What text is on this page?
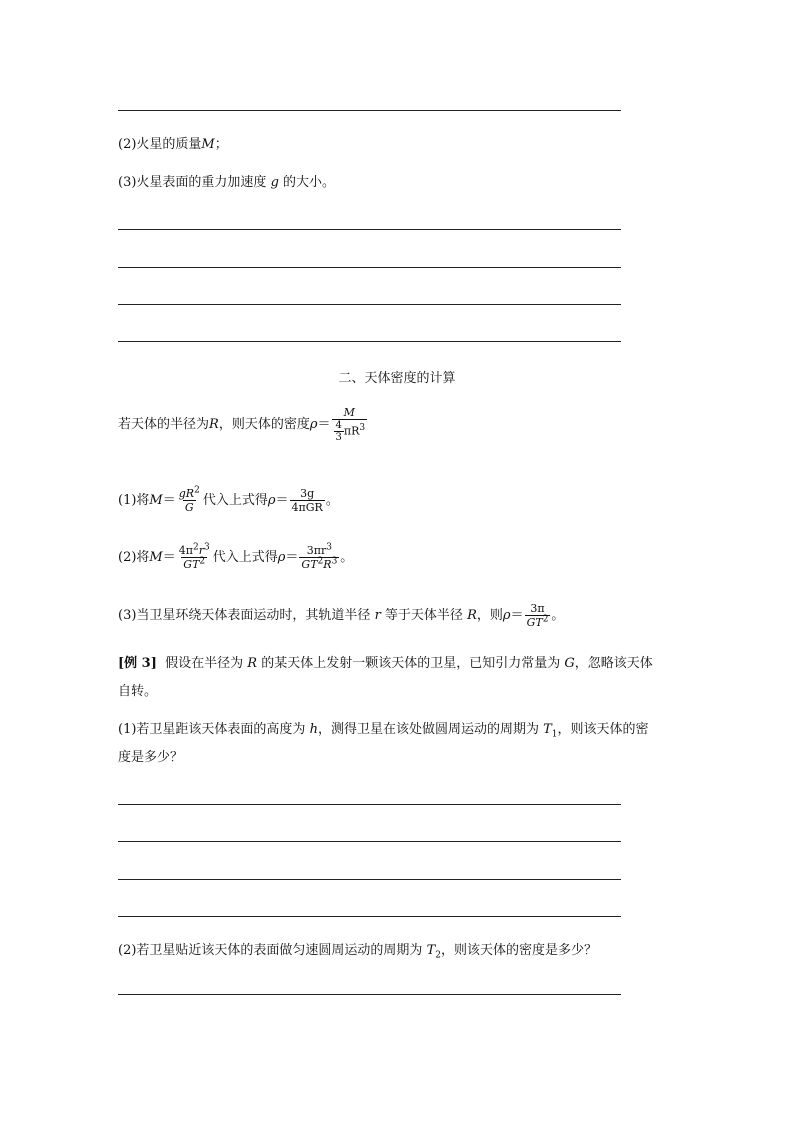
(2)火星的质量M；
(3)火星表面的重力加速度 g 的大小。
二、天体密度的计算
若天体的半径为R，则天体的密度$\rho= \frac{M}{\frac{4}{3} \pi R^3}$
(1)将$M= \frac{gR^2}{G}$ 代入上式得$\rho= \frac{3g}{\text{4πGR}}$ 。
(2)将$M= \frac{4\pi^2r^3}{GT^2}$ 代入上式得$\rho= \frac{3\pi r^3}{GT^2R^3}$ 。
(3)当卫星环绕天体表面运动时，其轨道半径 r 等于天体半径 R，则$\rho= \frac{3\pi}{GT^2}$ 。
[例 3] 假设在半径为 R 的某天体上发射一颗该天体的卫星，已知引力常量为 G，忽略该天体
自转。
(1)若卫星距该天体表面的高度为 h，测得卫星在该处做圆周运动的周期为 $T_1$，则该天体的密
度是多少？
(2)若卫星贴近该天体的表面做匀速圆周运动的周期为 $T_2$，则该天体的密度是多少？
